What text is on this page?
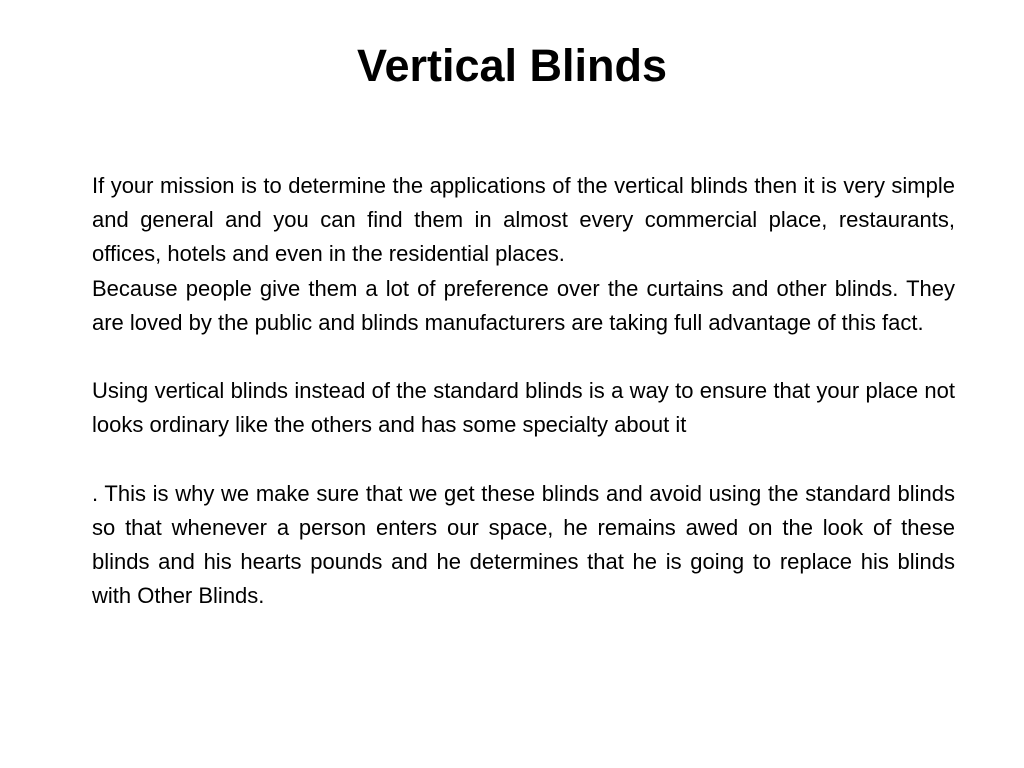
Vertical Blinds

If your mission is to determine the applications of the vertical blinds then it is very simple and general and you can find them in almost every commercial place, restaurants, offices, hotels and even in the residential places.

Because people give them a lot of preference over the curtains and other blinds. They are loved by the public and blinds manufacturers are taking full advantage of this fact.

Using vertical blinds instead of the standard blinds is a way to ensure that your place not looks ordinary like the others and has some specialty about it

. This is why we make sure that we get these blinds and avoid using the standard blinds so that whenever a person enters our space, he remains awed on the look of these blinds and his hearts pounds and he determines that he is going to replace his blinds with Other Blinds.
